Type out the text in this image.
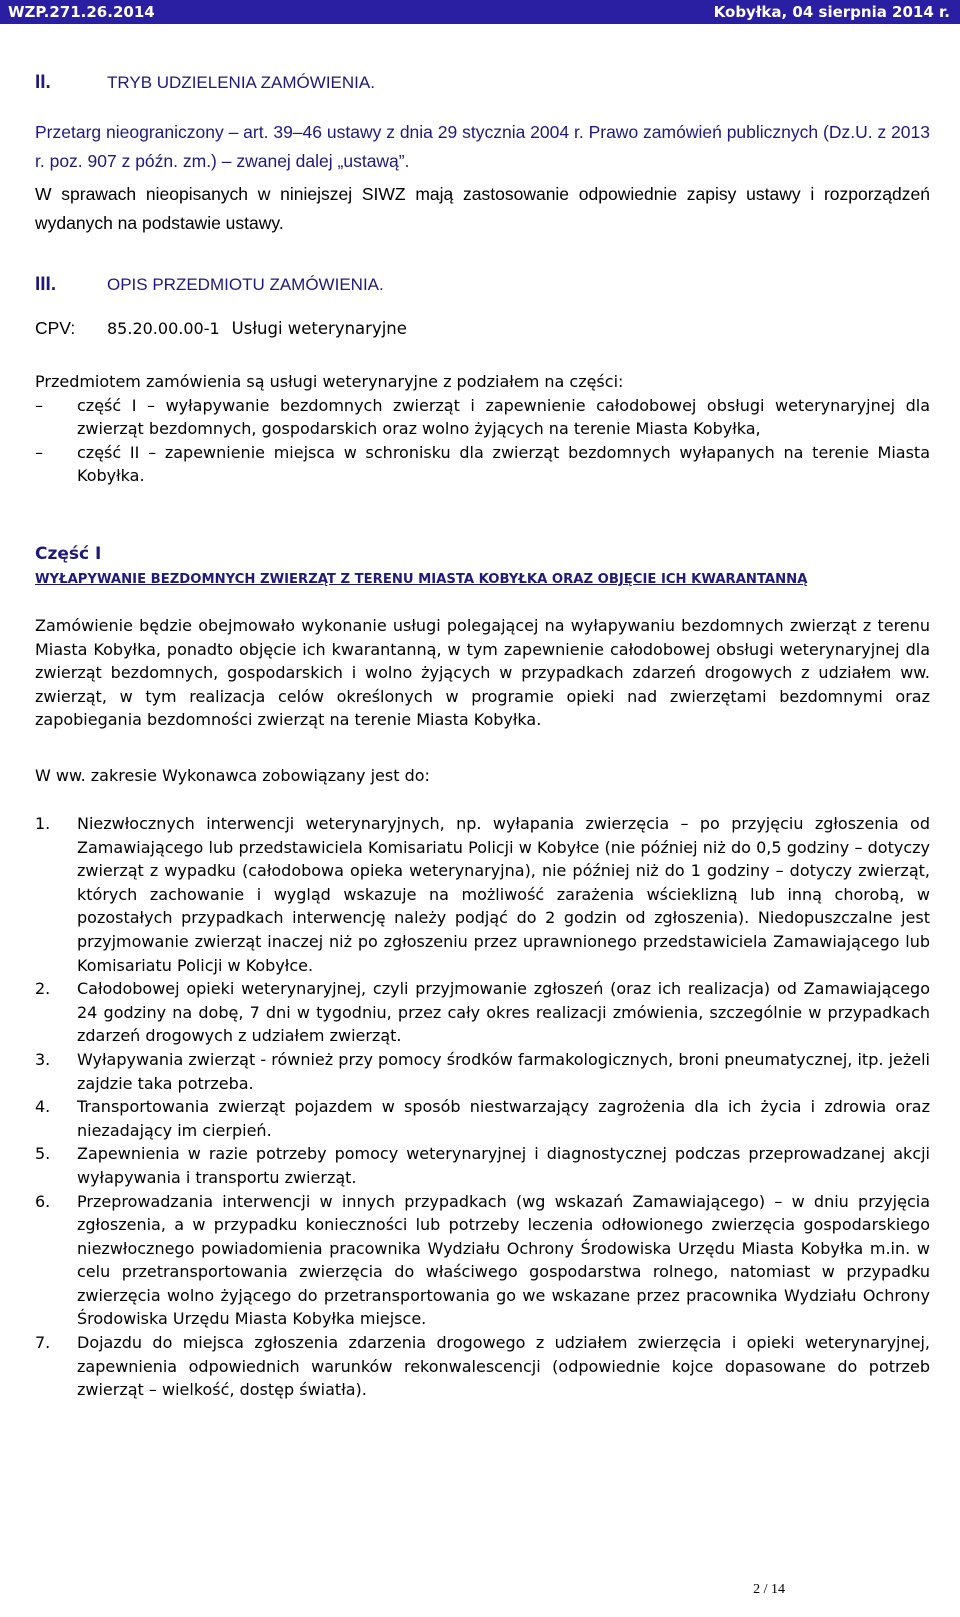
WZP.271.26.2014	Kobyłka, 04 sierpnia 2014 r.
II.	TRYB UDZIELENIA ZAMÓWIENIA.
Przetarg nieograniczony – art. 39–46 ustawy z dnia 29 stycznia 2004 r. Prawo zamówień publicznych (Dz.U. z 2013 r. poz. 907 z późn. zm.) – zwanej dalej „ustawą”.
W sprawach nieopisanych w niniejszej SIWZ mają zastosowanie odpowiednie zapisy ustawy i rozporządzeń wydanych na podstawie ustawy.
III.	OPIS PRZEDMIOTU ZAMÓWIENIA.
CPV: 85.20.00.00-1 Usługi weterynaryjne
Przedmiotem zamówienia są usługi weterynaryjne z podziałem na części:
–	część I – wyłapywanie bezdomnych zwierząt i zapewnienie całodobowej obsługi weterynaryjnej dla zwierząt bezdomnych, gospodarskich oraz wolno żyjących na terenie Miasta Kobyłka,
–	część II – zapewnienie miejsca w schronisku dla zwierząt bezdomnych wyłapanych na terenie Miasta Kobyłka.
Część I
WYŁAPYWANIE BEZDOMNYCH ZWIERZĄT Z TERENU MIASTA KOBYŁKA ORAZ OBJĘCIE ICH KWARANTANNĄ
Zamówienie będzie obejmowało wykonanie usługi polegającej na wyłapywaniu bezdomnych zwierząt z terenu Miasta Kobyłka, ponadto objęcie ich kwarantanną, w tym zapewnienie całodobowej obsługi weterynaryjnej dla zwierząt bezdomnych, gospodarskich i wolno żyjących w przypadkach zdarzeń drogowych z udziałem ww. zwierząt, w tym realizacja celów określonych w programie opieki nad zwierzętami bezdomnymi oraz zapobiegania bezdomności zwierząt na terenie Miasta Kobyłka.
W ww. zakresie Wykonawca zobowiązany jest do:
1.	Niezwłocznych interwencji weterynaryjnych, np. wyłapania zwierzęcia – po przyjęciu zgłoszenia od Zamawiającego lub przedstawiciela Komisariatu Policji w Kobyłce (nie później niż do 0,5 godziny – dotyczy zwierząt z wypadku (całodobowa opieka weterynaryjna), nie później niż do 1 godziny – dotyczy zwierząt, których zachowanie i wygląd wskazuje na możliwość zarażenia wścieklizną lub inną chorobą, w pozostałych przypadkach interwencję należy podjąć do 2 godzin od zgłoszenia). Niedopuszczalne jest przyjmowanie zwierząt inaczej niż po zgłoszeniu przez uprawnionego przedstawiciela Zamawiającego lub Komisariatu Policji w Kobyłce.
2.	Całodobowej opieki weterynaryjnej, czyli przyjmowanie zgłoszeń (oraz ich realizacja) od Zamawiającego 24 godziny na dobę, 7 dni w tygodniu, przez cały okres realizacji zmówienia, szczególnie w przypadkach zdarzeń drogowych z udziałem zwierząt.
3.	Wyłapywania zwierząt - również przy pomocy środków farmakologicznych, broni pneumatycznej, itp. jeżeli zajdzie taka potrzeba.
4.	Transportowania zwierząt pojazdem w sposób niestwarzający zagrożenia dla ich życia i zdrowia oraz niezadający im cierpień.
5.	Zapewnienia w razie potrzeby pomocy weterynaryjnej i diagnostycznej podczas przeprowadzanej akcji wyłapywania i transportu zwierząt.
6.	Przeprowadzania interwencji w innych przypadkach (wg wskazań Zamawiającego) – w dniu przyjęcia zgłoszenia, a w przypadku konieczności lub potrzeby leczenia odłowionego zwierzęcia gospodarskiego niezwłocznego powiadomienia pracownika Wydziału Ochrony Środowiska Urzędu Miasta Kobyłka m.in. w celu przetransportowania zwierzęcia do właściwego gospodarstwa rolnego, natomiast w przypadku zwierzęcia wolno żyjącego do przetransportowania go we wskazane przez pracownika Wydziału Ochrony Środowiska Urzędu Miasta Kobyłka miejsce.
7.	Dojazdu do miejsca zgłoszenia zdarzenia drogowego z udziałem zwierzęcia i opieki weterynaryjnej, zapewnienia odpowiednich warunków rekonwalescencji (odpowiednie kojce dopasowane do potrzeb zwierząt – wielkość, dostęp światła).
2 / 14
